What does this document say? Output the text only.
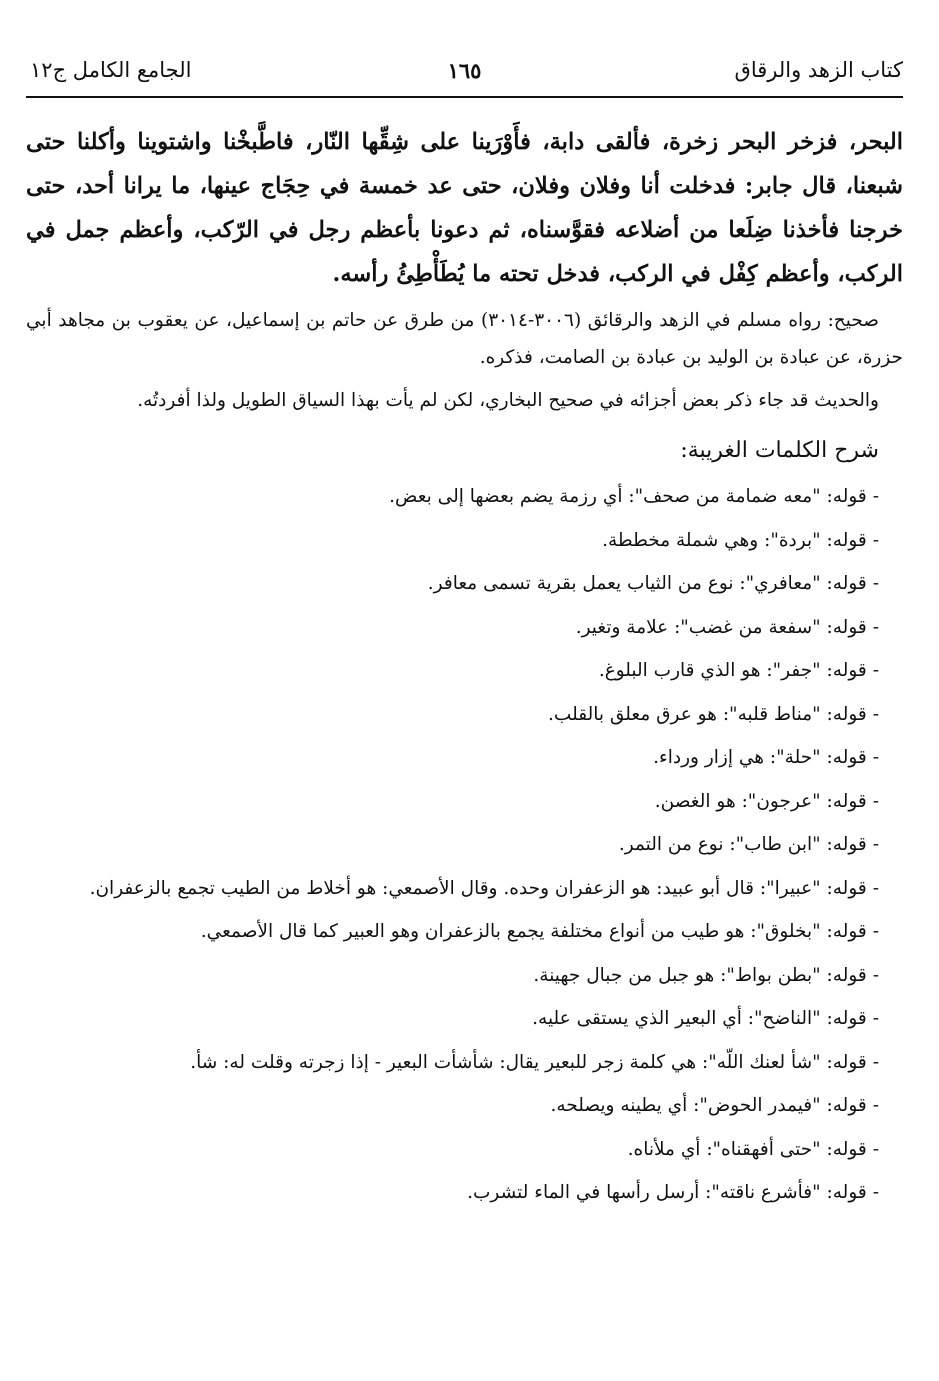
كتاب الزهد والرقاق
١٦٥
الجامع الكامل ج١٢

البحر، فزخر البحر زخرة، فألقى دابة، فأَوْرَينا على شِقِّها النّار، فاطَّبخْنا واشتوينا وأكلنا حتى شبعنا، قال جابر: فدخلت أنا وفلان وفلان، حتى عد خمسة في حِجَاج عينها، ما يرانا أحد، حتى خرجنا فأخذنا ضِلَعا من أضلاعه فقوَّسناه، ثم دعونا بأعظم رجل في الرّكب، وأعظم جمل في الركب، وأعظم كِفْل في الركب، فدخل تحته ما يُطَأْطِئُ رأسه.

صحيح: رواه مسلم في الزهد والرقائق (٣٠٠٦-٣٠١٤) من طرق عن حاتم بن إسماعيل، عن يعقوب بن مجاهد أبي حزرة، عن عبادة بن الوليد بن عبادة بن الصامت، فذكره.

والحديث قد جاء ذكر بعض أجزائه في صحيح البخاري، لكن لم يأت بهذا السياق الطويل ولذا أفردتُه.

شرح الكلمات الغريبة:
-قوله: "معه ضمامة من صحف": أي رزمة يضم بعضها إلى بعض.
-قوله: "بردة": وهي شملة مخططة.
-قوله: "معافري": نوع من الثياب يعمل بقرية تسمى معافر.
-قوله: "سفعة من غضب": علامة وتغير.
-قوله: "جفر": هو الذي قارب البلوغ.
-قوله: "مناط قلبه": هو عرق معلق بالقلب.
-قوله: "حلة": هي إزار ورداء.
-قوله: "عرجون": هو الغصن.
-قوله: "ابن طاب": نوع من التمر.
-قوله: "عبيرا": قال أبو عبيد: هو الزعفران وحده. وقال الأصمعي: هو أخلاط من الطيب تجمع بالزعفران.
-قوله: "بخلوق": هو طيب من أنواع مختلفة يجمع بالزعفران وهو العبير كما قال الأصمعي.
-قوله: "بطن بواط": هو جبل من جبال جهينة.
-قوله: "الناضح": أي البعير الذي يستقى عليه.
-قوله: "شأ لعنك اللّه": هي كلمة زجر للبعير يقال: شأشأت البعير - إذا زجرته وقلت له: شأ.
-قوله: "فيمدر الحوض": أي يطينه ويصلحه.
-قوله: "حتى أفهقناه": أي ملأناه.
-قوله: "فأشرع ناقته": أرسل رأسها في الماء لتشرب.
